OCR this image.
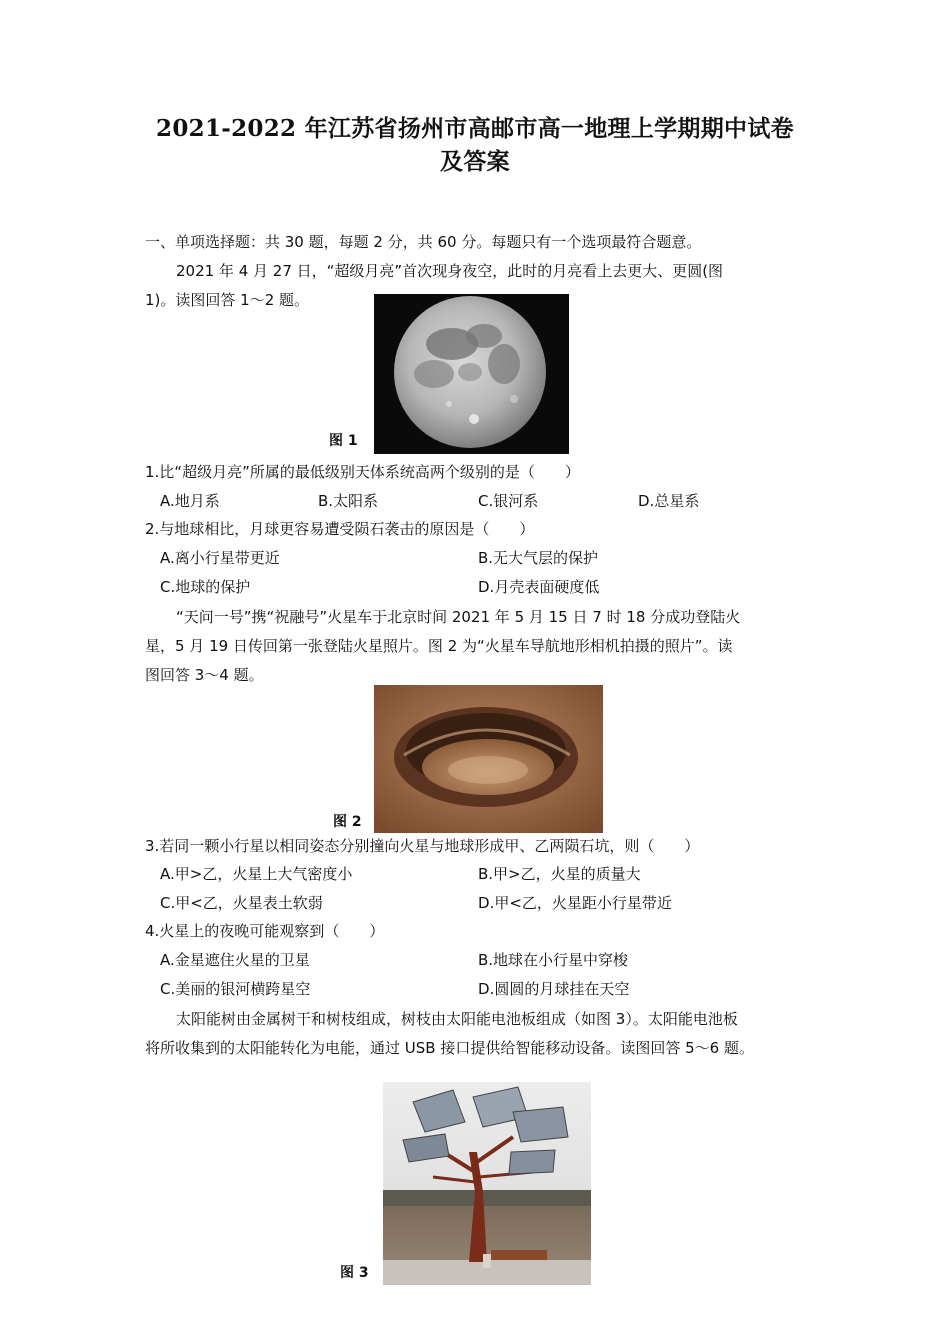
2021-2022 年江苏省扬州市高邮市高一地理上学期期中试卷
及答案
一、单项选择题：共 30 题，每题 2 分，共 60 分。每题只有一个选项最符合题意。
2021 年 4 月 27 日，“超级月亮”首次现身夜空，此时的月亮看上去更大、更圆(图
1)。读图回答 1～2 题。
图 1
1.比“超级月亮”所属的最低级别天体系统高两个级别的是（　　）
A.地月系	B.太阳系	C.银河系	D.总星系
2.与地球相比，月球更容易遭受陨石袭击的原因是（　　）
A.离小行星带更近	B.无大气层的保护
C.地球的保护	D.月壳表面硬度低
“天问一号”携“祝融号”火星车于北京时间 2021 年 5 月 15 日 7 时 18 分成功登陆火
星，5 月 19 日传回第一张登陆火星照片。图 2 为“火星车导航地形相机拍摄的照片”。读
图回答 3～4 题。
图 2
3.若同一颗小行星以相同姿态分别撞向火星与地球形成甲、乙两陨石坑，则（　　）
A.甲>乙，火星上大气密度小	B.甲>乙，火星的质量大
C.甲<乙，火星表土软弱	D.甲<乙，火星距小行星带近
4.火星上的夜晚可能观察到（　　）
A.金星遮住火星的卫星	B.地球在小行星中穿梭
C.美丽的银河横跨星空	D.圆圆的月球挂在天空
太阳能树由金属树干和树枝组成，树枝由太阳能电池板组成（如图 3）。太阳能电池板
将所收集到的太阳能转化为电能，通过 USB 接口提供给智能移动设备。读图回答 5～6 题。
图 3
